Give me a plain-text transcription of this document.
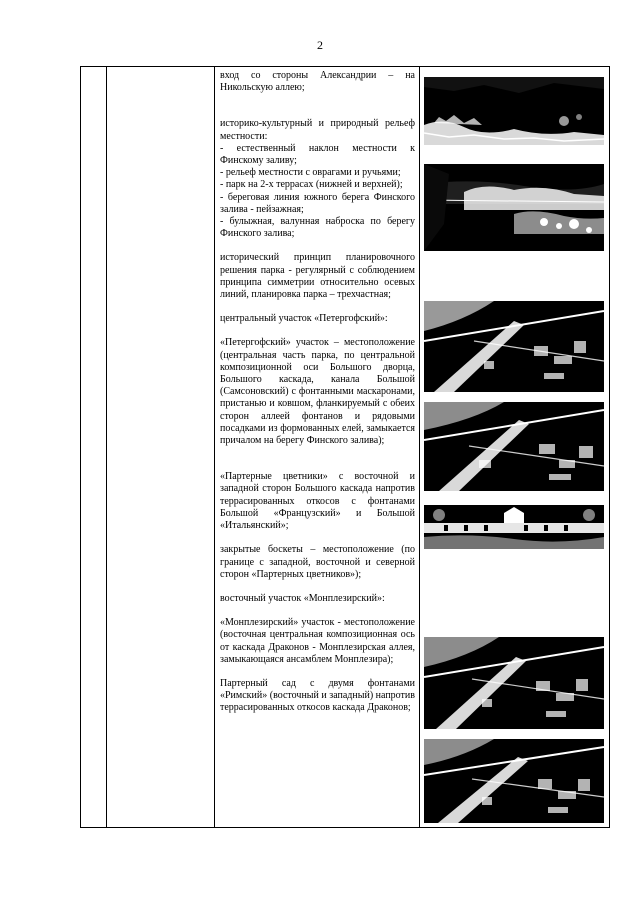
2

вход со стороны Александрии – на Никольскую аллею;

историко-культурный и природный рельеф местности:

- естественный наклон местности к Финскому заливу;

- рельеф местности с оврагами и ручьями;

- парк на 2-х террасах (нижней и верхней);

- береговая линия южного берега Финского залива - пейзажная;

- булыжная, валунная наброска по берегу Финского залива;

исторический принцип планировочного решения парка - регулярный с соблюдением принципа симметрии относительно осевых линий, планировка парка – трехчастная;

центральный участок «Петергофский»:

«Петергофский» участок – местоположение (центральная часть парка, по центральной композиционной оси Большого дворца, Большого каскада, канала Большой (Самсоновский) с фонтанными маскаронами, пристанью и ковшом, фланкируемый с обеих сторон аллеей фонтанов и рядовыми посадками из формованных елей, замыкается причалом на берегу Финского залива);

«Партерные цветники» с восточной и западной сторон Большого каскада напротив террасированных откосов с фонтанами Большой «Французский» и Большой «Итальянский»;

закрытые боскеты – местоположение (по границе с западной, восточной и северной сторон «Партерных цветников»);

восточный участок «Монплезирский»:

«Монплезирский» участок - местоположение (восточная центральная композиционная ось от каскада Драконов - Монплезирская аллея, замыкающаяся ансамблем Монплезира);

Партерный сад с двумя фонтанами «Римский» (восточный и западный) напротив террасированных откосов каскада Драконов;
